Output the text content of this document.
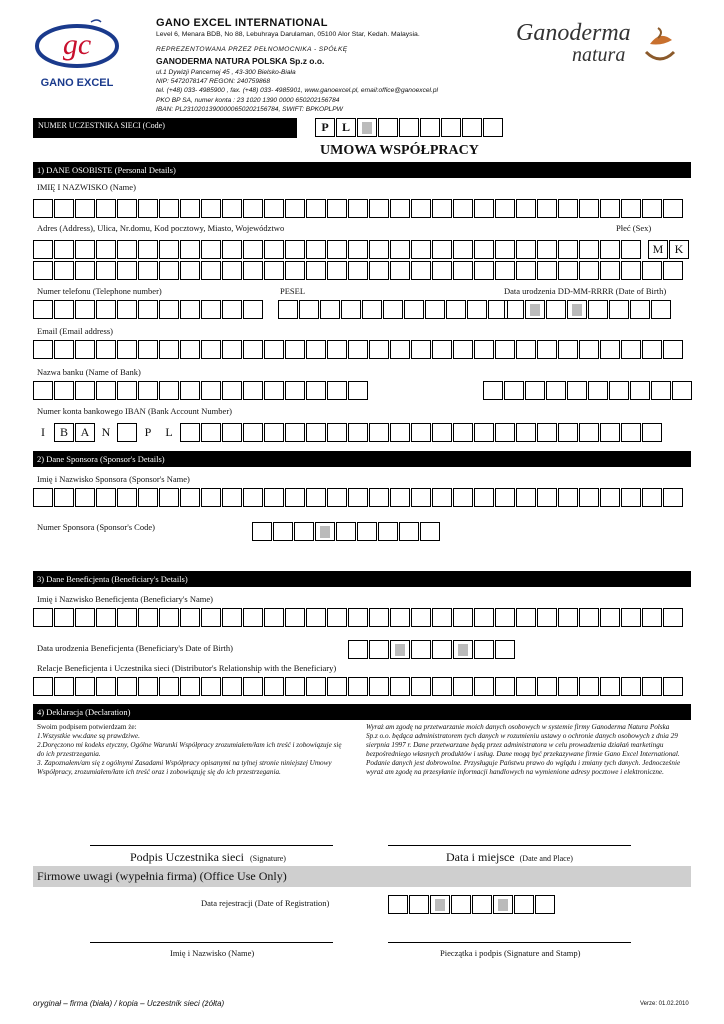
gc
GANO EXCEL
GANO EXCEL INTERNATIONAL
Level 6, Menara BDB, No 88, Lebuhraya Darulaman, 05100 Alor Star, Kedah. Malaysia.
REPREZENTOWANA PRZEZ PEŁNOMOCNIKA - SPÓŁKĘ
GANODERMA NATURA POLSKA Sp.z o.o.
ul.1 Dywizji Pancernej 45 , 43-300 Bielsko-Biała
NIP: 5472078147 REGON: 240759868
tel. (+48) 033- 4985900 , fax. (+48) 033- 4985901, www.ganoexcel.pl, email:office@ganoexcel.pl
PKO BP SA, numer konta : 23 1020 1390 0000 650202156784
IBAN: PL23102013900000650202156784, SWIFT: BPKOPLPW
Ganoderma
natura
NUMER UCZESTNIKA SIECI (Code)	P	L
UMOWA WSPÓŁPRACY
1) DANE OSOBISTE (Personal Details)
IMIĘ I NAZWISKO (Name)
Adres (Address), Ulica, Nr.domu, Kod pocztowy, Miasto, Województwo	Płeć (Sex)
M K
Numer telefonu (Telephone number)	PESEL	Data urodzenia DD-MM-RRRR (Date of Birth)
Email (Email address)
Nazwa banku (Name of Bank)
Numer konta bankowego IBAN (Bank Account Number)
I	B	A	N	P	L
2) Dane Sponsora (Sponsor's Details)
Imię i Nazwisko Sponsora (Sponsor's Name)
Numer Sponsora (Sponsor's Code)
3) Dane Beneficjenta (Beneficiary's Details)
Imię i Nazwisko Beneficjenta (Beneficiary's Name)
Data urodzenia Beneficjenta (Beneficiary's Date of Birth)
Relacje Beneficjenta i Uczestnika sieci (Distributor's Relationship with the Beneficiary)
4) Deklaracja (Declaration)
Swoim podpisem potwierdzam że:
1.Wszystkie ww.dane są prawdziwe.
2.Doręczono mi kodeks etyczny, Ogólne Warunki Współpracy zrozumiałem/łam ich treść i zobowiązuje się
do ich przestrzegania.
3. Zapoznałem/am się z ogólnymi Zasadami Współpracy opisanymi na tylnej stronie niniejszej Umowy
Współpracy, zrozumiałem/łam ich treść oraz i zobowiązuję się do ich przestrzegania.
Wyraż am zgodę na przetwarzanie moich danych osobowych w systemie firmy Ganoderma Natura Polska
Sp.z o.o. będąca administratorem tych danych w rozumieniu ustawy o ochronie danych osobowych z dnia 29
sierpnia 1997 r. Dane przetwarzane będą przez administratora w celu prowadzenia działań marketingu
bezpośredniego własnych produktów i usług. Dane mogą być przekazywane firmie Gano Excel International.
Podanie danych jest dobrowolne. Przysługuje Państwu prawo do wglądu i zmiany tych danych. Jednocześnie
wyraż am zgodę na przesyłanie informacji handlowych na wymienione adresy pocztowe i elektroniczne.
Podpis Uczestnika sieci (Signature)	Data i miejsce (Date and Place)
Firmowe uwagi (wypełnia firma) (Office Use Only)
Data rejestracji (Date of Registration)
Imię i Nazwisko (Name)	Pieczątka i podpis (Signature and Stamp)
oryginał – firma (biała) / kopia – Uczestnik sieci (żółta)	Verze: 01.02.2010
